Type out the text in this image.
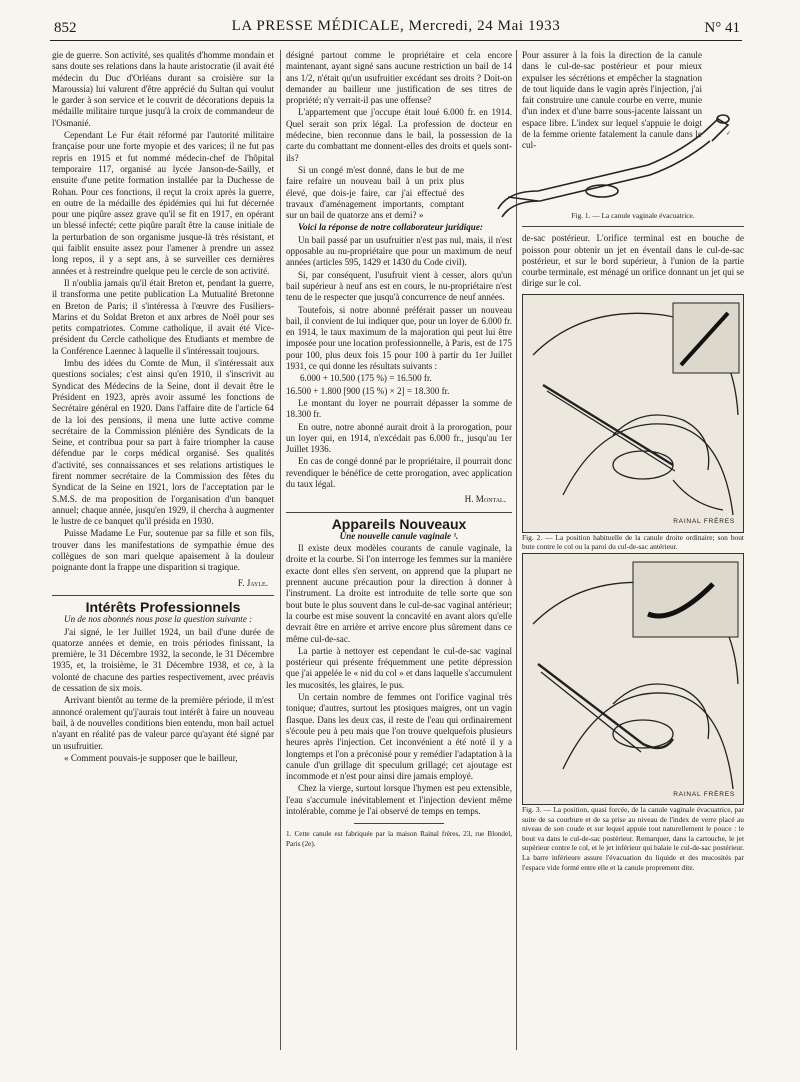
852	LA PRESSE MÉDICALE, Mercredi, 24 Mai 1933	N° 41

gie de guerre. Son activité, ses qualités d'homme mondain et sans doute ses relations dans la haute aristocratie (il avait été médecin du Duc d'Orléans durant sa croisière sur la Maroussia) lui valurent d'être apprécié du Sultan qui voulut le garder à son service et le couvrit de décorations depuis la médaille militaire turque jusqu'à la croix de commandeur de l'Osmanié.

Cependant Le Fur était réformé par l'autorité militaire française pour une forte myopie et des varices; il ne fut pas repris en 1915 et fut nommé médecin-chef de l'hôpital temporaire 117, organisé au lycée Janson-de-Sailly, et ensuite d'une petite formation installée par la Duchesse de Rohan. Pour ces fonctions, il reçut la croix après la guerre, en outre de la médaille des épidémies qui lui fut décernée pour une piqûre assez grave qu'il se fit en 1917, en opérant un blessé infecté; cette piqûre paraît être la cause initiale de la perturbation de son organisme jusque-là très résistant, et qui faiblit ensuite assez pour l'amener à prendre un assez long repos, il y a sept ans, à se surveiller ces dernières années et à restreindre quelque peu le cercle de son activité.

Il n'oublia jamais qu'il était Breton et, pendant la guerre, il transforma une petite publication La Mutualité Bretonne en Breton de Paris; il s'intéressa à l'œuvre des Fusiliers-Marins et du Soldat Breton et aux arbres de Noël pour ses petits compatriotes. Comme catholique, il avait été Vice-président du Cercle catholique des Etudiants et membre de la Conférence Laennec à laquelle il s'intéressait toujours.

Imbu des idées du Comte de Mun, il s'intéressait aux questions sociales; c'est ainsi qu'en 1910, il s'inscrivit au Syndicat des Médecins de la Seine, dont il devait être le Président en 1923, après avoir assumé les fonctions de Secrétaire général en 1920. Dans l'affaire dite de l'article 64 de la loi des pensions, il mena une lutte active comme secrétaire de la Commission plénière des Syndicats de la Seine, et contribua pour sa part à faire triompher la cause défendue par le corps médical organisé. Ses qualités d'activité, ses connaissances et ses relations artistiques le firent nommer secrétaire de la Commission des fêtes du Syndicat de la Seine en 1921, lors de l'acceptation par le S.M.S. de ma proposition de l'organisation d'un banquet annuel; chaque année, jusqu'en 1929, il chercha à augmenter le lustre de ce banquet qu'il présida en 1930.

Puisse Madame Le Fur, soutenue par sa fille et son fils, trouver dans les manifestations de sympathie émue des collègues de son mari quelque apaisement à la douleur poignante dont la frappe une disparition si tragique.

F. Jayle.

Intérêts Professionnels

Un de nos abonnés nous pose la question suivante :

J'ai signé, le 1er Juillet 1924, un bail d'une durée de quatorze années et demie, en trois périodes finissant, la première, le 31 Décembre 1932, la seconde, le 31 Décembre 1935, et, la troisième, le 31 Décembre 1938, et ce, à la volonté de chacune des parties respectivement, avec préavis de cessation de six mois.

Arrivant bientôt au terme de la première période, il m'est annoncé oralement qu'j'aurais tout intérêt à faire un nouveau bail, à de nouvelles conditions bien entendu, mon bail actuel n'ayant en réalité pas de valeur parce qu'ayant été signé par un usufruitier.

« Comment pouvais-je supposer que le bailleur,

désigné partout comme le propriétaire et cela encore maintenant, ayant signé sans aucune restriction un bail de 14 ans 1/2, n'était qu'un usufruitier excédant ses droits ? Doit-on demander au bailleur une justification de ses titres de propriété; n'y verrait-il pas une offense?

L'appartement que j'occupe était loué 6.000 fr. en 1914. Quel serait son prix légal. La profession de docteur en médecine, bien reconnue dans le bail, la possession de la carte du combattant me donnent-elles des droits et quels sont-ils?

Si un congé m'est donné, dans le but de me faire refaire un nouveau bail à un prix plus élevé, que dois-je faire, car j'ai effectué des travaux d'aménagement importants, comptant sur un bail de quatorze ans et demi? »

Voici la réponse de notre collaborateur juridique:

Un bail passé par un usufruitier n'est pas nul, mais, il n'est opposable au nu-propriétaire que pour un maximum de neuf années (articles 595, 1429 et 1430 du Code civil).

Si, par conséquent, l'usufruit vient à cesser, alors qu'un bail supérieur à neuf ans est en cours, le nu-propriétaire n'est tenu de le respecter que jusqu'à concurrence de neuf années.

Toutefois, si notre abonné préférait passer un nouveau bail, il convient de lui indiquer que, pour un loyer de 6.000 fr. en 1914, le taux maximum de la majoration qui peut lui être imposée pour une location professionnelle, à Paris, est de 175 pour 100, plus deux fois 15 pour 100 à partir du 1er Juillet 1931, ce qui donne les résultats suivants :

6.000 + 10.500 (175 %) = 16.500 fr.

16.500 + 1.800 [900 (15 %) × 2] = 18.300 fr.

Le montant du loyer ne pourrait dépasser la somme de 18.300 fr.

En outre, notre abonné aurait droit à la prorogation, pour un loyer qui, en 1914, n'excédait pas 6.000 fr., jusqu'au 1er Juillet 1936.

En cas de congé donné par le propriétaire, il pourrait donc revendiquer le bénéfice de cette prorogation, avec application du taux légal.

H. Montal.

Appareils Nouveaux

Une nouvelle canule vaginale ¹.

Il existe deux modèles courants de canule vaginale, la droite et la courbe. Si l'on interroge les femmes sur la manière exacte dont elles s'en servent, on apprend que la plupart ne prennent aucune précaution pour la direction à donner à l'instrument. La droite est introduite de telle sorte que son bout bute le plus souvent dans le cul-de-sac vaginal antérieur; la courbe est mise souvent la concavité en avant alors qu'elle devrait être en arrière et arrive encore plus sûrement dans ce même cul-de-sac.

La partie à nettoyer est cependant le cul-de-sac vaginal postérieur qui présente fréquemment une petite dépression que j'ai appelée le « nid du col » et dans laquelle s'accumulent les mucosités, les glaires, le pus.

Un certain nombre de femmes ont l'orifice vaginal très tonique; d'autres, surtout les ptosiques maigres, ont un vagin flasque. Dans les deux cas, il reste de l'eau qui ordinairement s'écoule peu à peu mais que l'on trouve quelquefois plusieurs heures après l'injection. Cet inconvénient a été noté il y a longtemps et l'on a préconisé pour y remédier l'adaptation à la canule d'un grillage dit speculum grillagé; cet ajoutage est incommode et n'est pour ainsi dire jamais employé.

Chez la vierge, surtout lorsque l'hymen est peu extensible, l'eau s'accumule inévitablement et l'injection devient même intolérable, comme je l'ai observé de temps en temps.

1. Cette canule est fabriquée par la maison Rainal frères, 23, rue Blondel, Paris (2e).

✓

Pour assurer à la fois la direction de la canule dans le cul-de-sac postérieur et pour mieux expulser les sécrétions et empêcher la stagnation de tout liquide dans le vagin après l'injection, j'ai fait construire une canule courbe en verre, munie d'un index et d'une barre sous-jacente laissant un espace libre. L'index sur lequel s'appuie le doigt de la femme oriente fatalement la canule dans le cul-

Fig. 1. — La canule vaginale évacuatrice.

de-sac postérieur. L'orifice terminal est en bouche de poisson pour obtenir un jet en éventail dans le cul-de-sac postérieur, et sur le bord supérieur, à l'union de la partie courbe terminale, est ménagé un orifice donnant un jet qui se dirige sur le col.

RAINAL FRÈRES

Fig. 2. — La position habituelle de la canule droite ordinaire; son bout bute contre le col ou la paroi du cul-de-sac antérieur.

RAINAL FRÈRES

Fig. 3. — La position, quasi forcée, de la canule vaginale évacuatrice, par suite de sa courbure et de sa prise au niveau de l'index de verre placé au niveau de son coude et sur lequel appuie tout naturellement le pouce : le bout va dans le cul-de-sac postérieur. Remarquer, dans la cartouche, le jet supérieur contre le col, et le jet inférieur qui balaie le cul-de-sac postérieur. La barre inférieure assure l'évacuation du liquide et des mucosités par l'espace vide formé entre elle et la canule proprement dite.
